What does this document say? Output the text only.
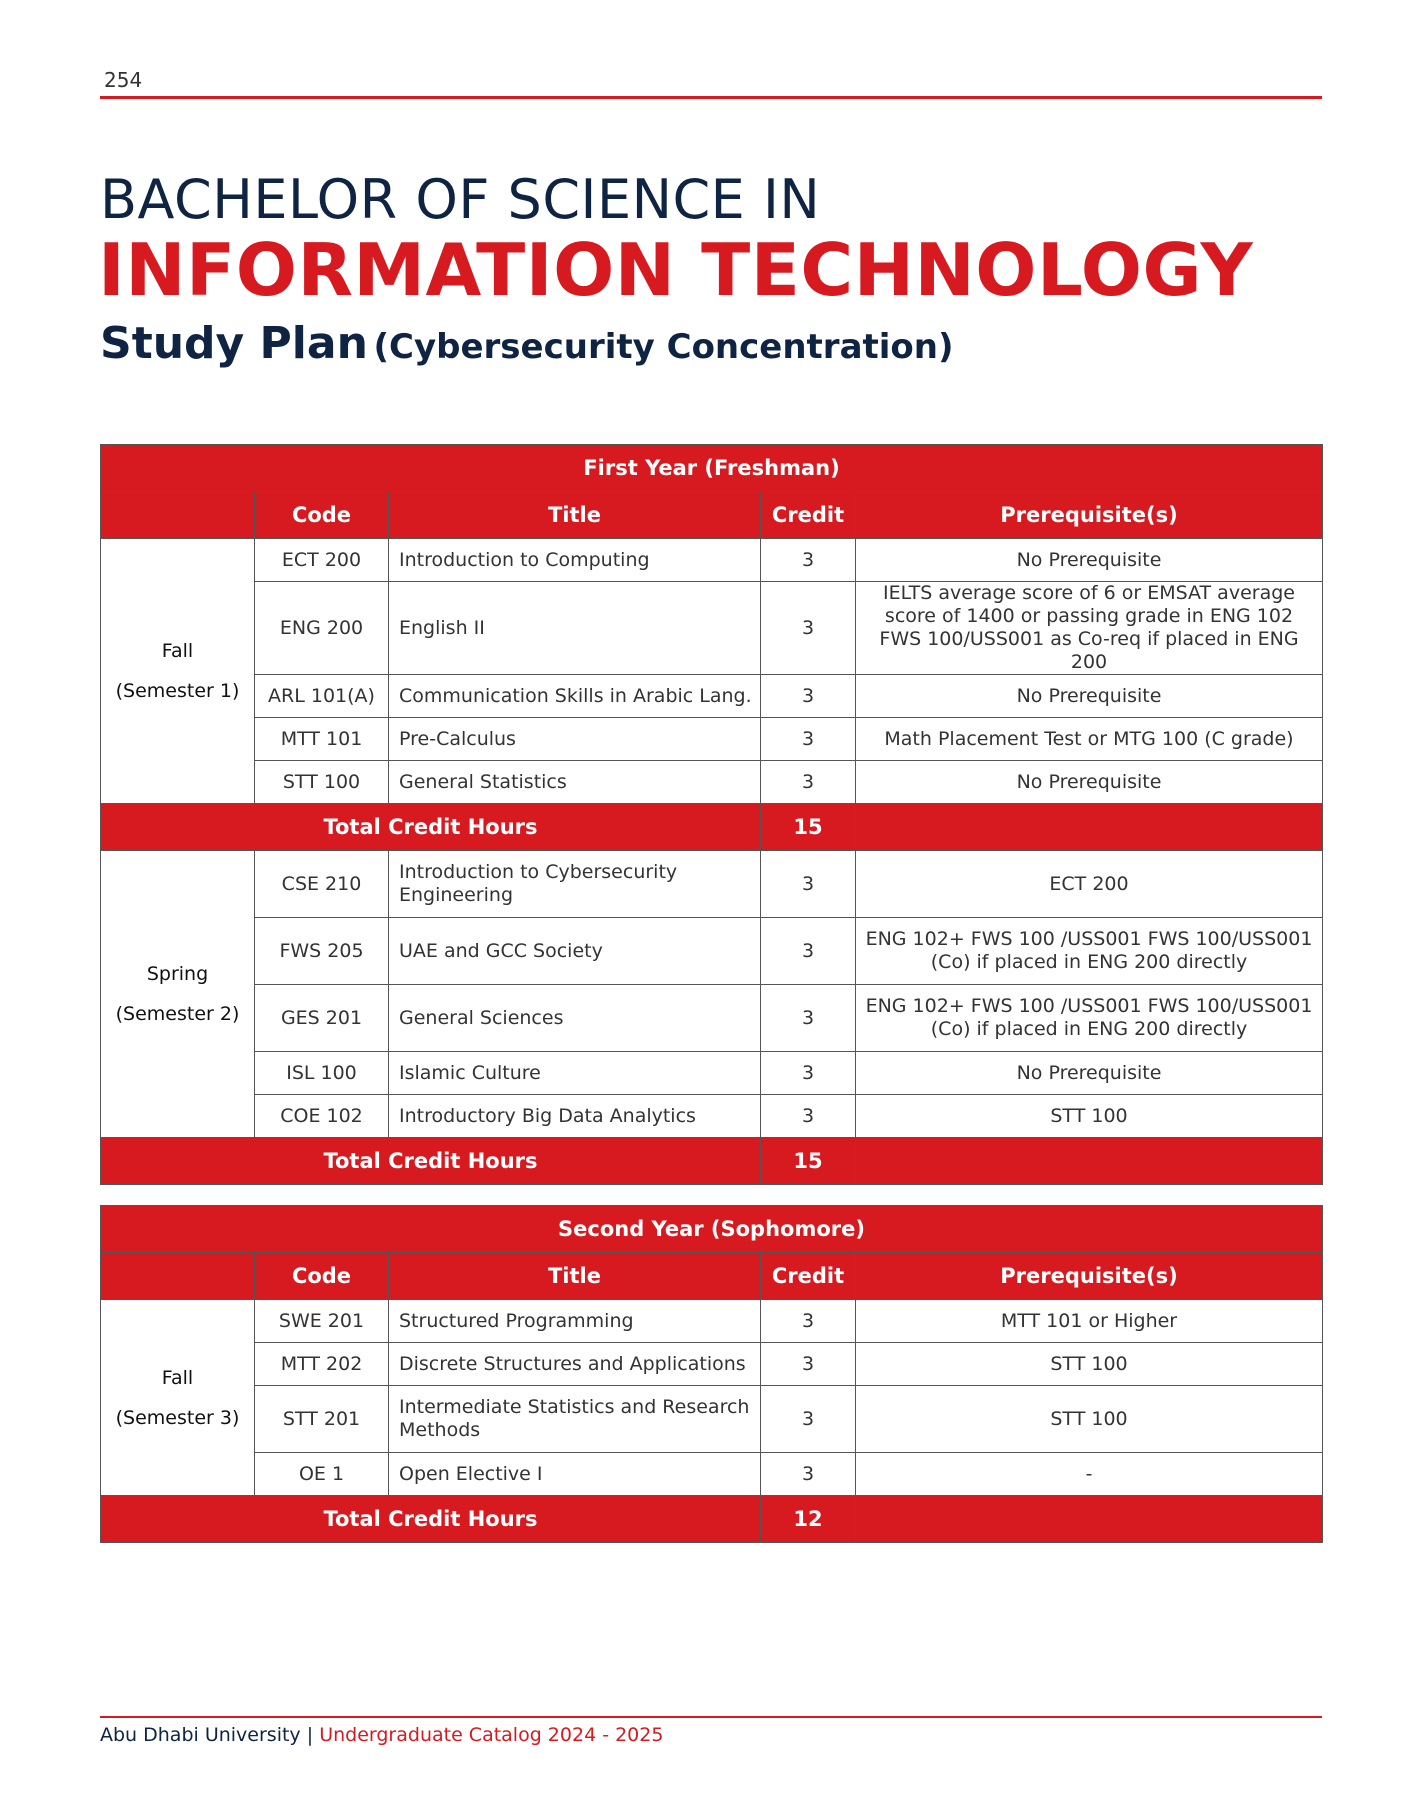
254
BACHELOR OF SCIENCE IN
INFORMATION TECHNOLOGY
Study Plan (Cybersecurity Concentration)
First Year (Freshman)				
	Code	Title	Credit	Prerequisite(s)

Fall
(Semester 1)	ECT 200	Introduction to Computing	3	No Prerequisite
	ENG 200	English II	3	IELTS average score of 6 or EMSAT average score of 1400 or passing grade in ENG 102 FWS 100/USS001 as Co-req if placed in ENG 200
	ARL 101(A)	Communication Skills in Arabic Lang.	3	No Prerequisite
	MTT 101	Pre-Calculus	3	Math Placement Test or MTG 100 (C grade)
	STT 100	General Statistics	3	No Prerequisite
Total Credit Hours			15	

Spring
(Semester 2)	CSE 210	Introduction to Cybersecurity Engineering	3	ECT 200
	FWS 205	UAE and GCC Society	3	ENG 102+ FWS 100 /USS001 FWS 100/USS001 (Co) if placed in ENG 200 directly
	GES 201	General Sciences	3	ENG 102+ FWS 100 /USS001 FWS 100/USS001 (Co) if placed in ENG 200 directly
	ISL 100	Islamic Culture	3	No Prerequisite
	COE 102	Introductory Big Data Analytics	3	STT 100
Total Credit Hours			15	
Second Year (Sophomore)				
	Code	Title	Credit	Prerequisite(s)

Fall
(Semester 3)	SWE 201	Structured Programming	3	MTT 101 or Higher
	MTT 202	Discrete Structures and Applications	3	STT 100
	STT 201	Intermediate Statistics and Research Methods	3	STT 100
	OE 1	Open Elective I	3	-
Total Credit Hours			12	
Abu Dhabi University | Undergraduate Catalog 2024 - 2025
